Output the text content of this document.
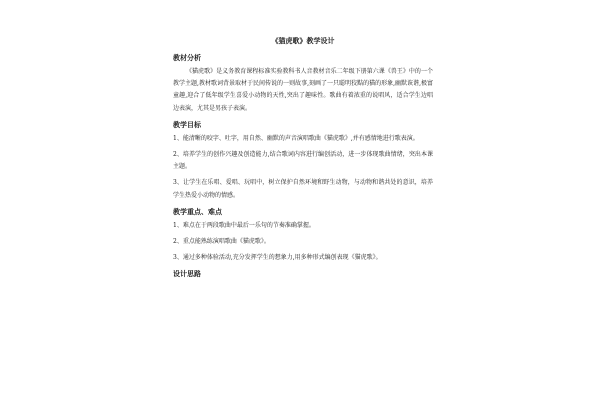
《猫虎歌》教学设计
教材分析

《猫虎歌》是义务教育课程标准实验教科书人音教材音乐二年级下册第六课《兽王》中的一个教学主题,教材歌词背景取材于民间传说的一则故事,刻画了一只聪明狡黠的猫的形象,幽默诙谐,极富童趣,迎合了低年级学生喜爱小动物的天性,突出了趣味性。歌曲有着浓重的说唱风，适合学生边唱边表演，尤其是男孩子表演。

教学目标

1、能清晰的咬字、吐字，用自然、幽默的声音演唱歌曲《猫虎歌》,并有感情地进行歌表演。

2、培养学生的创作兴趣及创造能力,结合歌词内容进行编创活动，进一步体现歌曲情绪，突出本课主题。

3、让学生在乐唱、爱唱、玩唱中，树立保护自然环境和野生动物，与动物和谐共处的意识，培养学生热爱小动物的情感。

教学重点、难点

1、难点在于两段歌曲中最后一乐句的节奏准确掌握。

2、重点能熟练演唱歌曲《猫虎歌》。

3、通过多种体验活动,充分发挥学生的想象力,用多种形式编创表现《猫虎歌》。

设计思路
